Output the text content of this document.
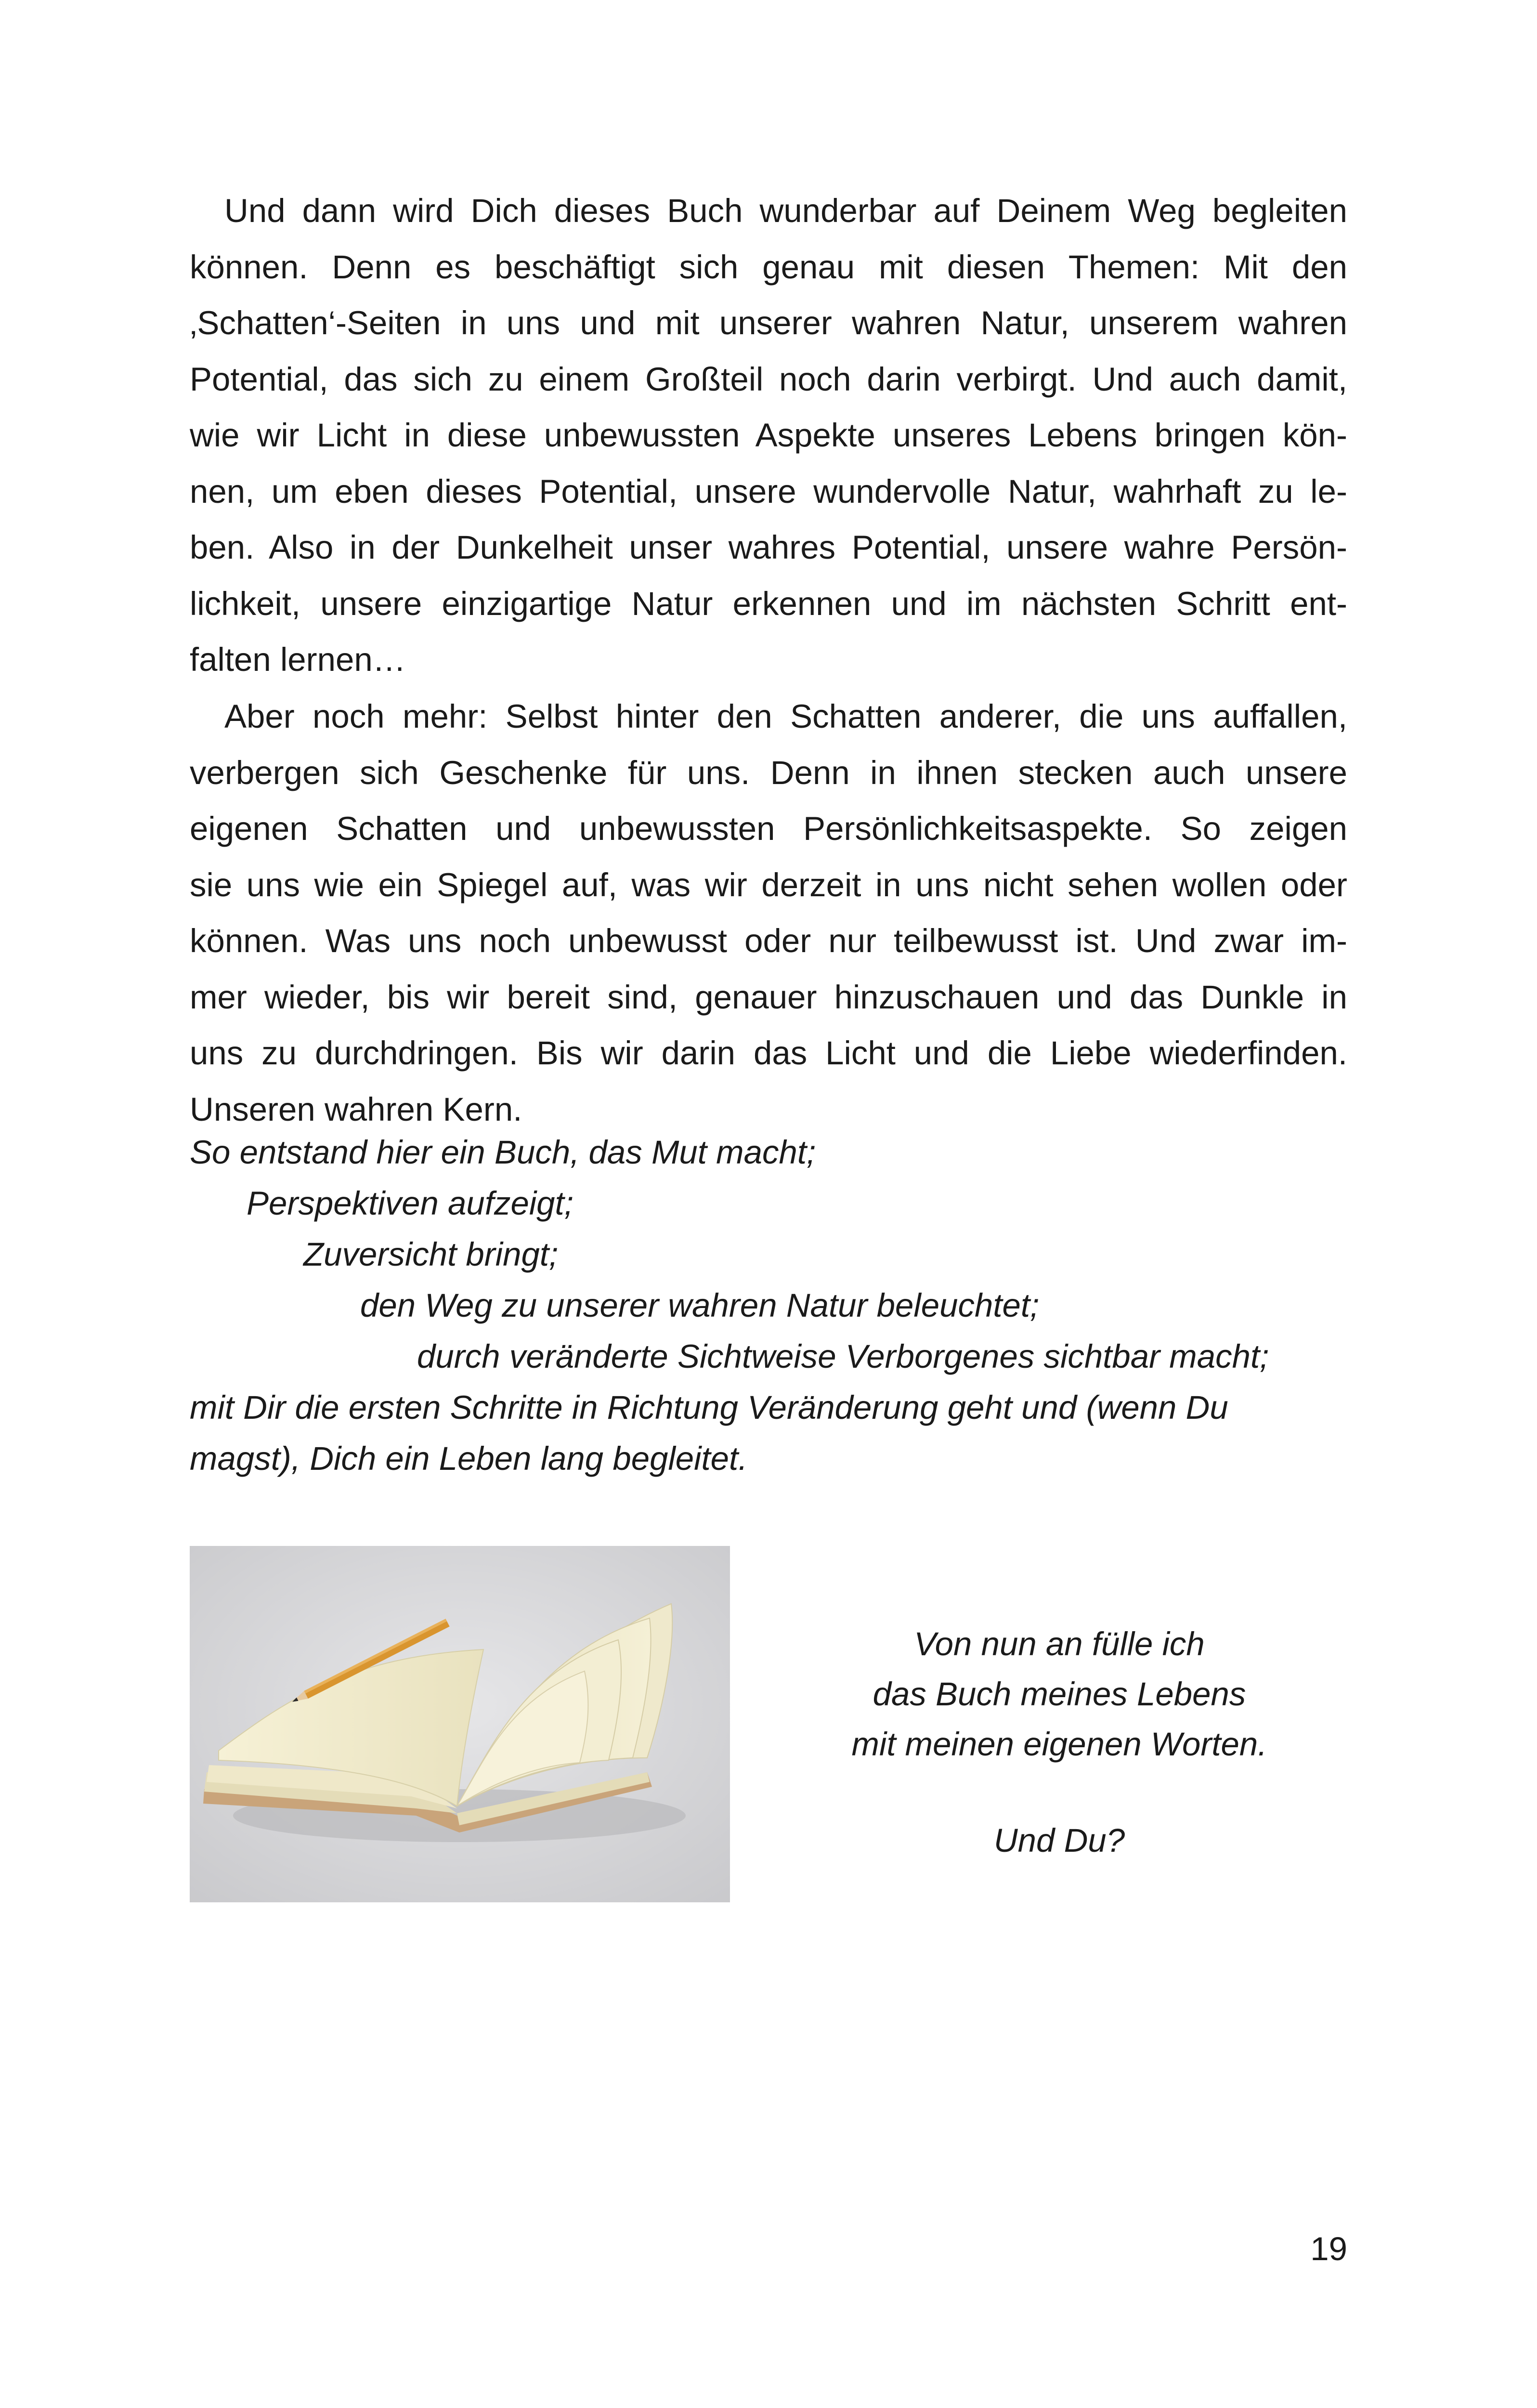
Und dann wird Dich dieses Buch wunderbar auf Deinem Weg begleiten
können. Denn es beschäftigt sich genau mit diesen Themen: Mit den
‚Schatten‘-Seiten in uns und mit unserer wahren Natur, unserem wahren
Potential, das sich zu einem Großteil noch darin verbirgt. Und auch damit,
wie wir Licht in diese unbewussten Aspekte unseres Lebens bringen kön-
nen, um eben dieses Potential, unsere wundervolle Natur, wahrhaft zu le-
ben. Also in der Dunkelheit unser wahres Potential, unsere wahre Persön-
lichkeit, unsere einzigartige Natur erkennen und im nächsten Schritt ent-
falten lernen…
Aber noch mehr: Selbst hinter den Schatten anderer, die uns auffallen,
verbergen sich Geschenke für uns. Denn in ihnen stecken auch unsere
eigenen Schatten und unbewussten Persönlichkeitsaspekte. So zeigen
sie uns wie ein Spiegel auf, was wir derzeit in uns nicht sehen wollen oder
können. Was uns noch unbewusst oder nur teilbewusst ist. Und zwar im-
mer wieder, bis wir bereit sind, genauer hinzuschauen und das Dunkle in
uns zu durchdringen. Bis wir darin das Licht und die Liebe wiederfinden.
Unseren wahren Kern.
So entstand hier ein Buch, das Mut macht;
Perspektiven aufzeigt;
Zuversicht bringt;
den Weg zu unserer wahren Natur beleuchtet;
durch veränderte Sichtweise Verborgenes sichtbar macht;
mit Dir die ersten Schritte in Richtung Veränderung geht und (wenn Du
magst), Dich ein Leben lang begleitet.
Von nun an fülle ich
das Buch meines Lebens
mit meinen eigenen Worten.
Und Du?
19
